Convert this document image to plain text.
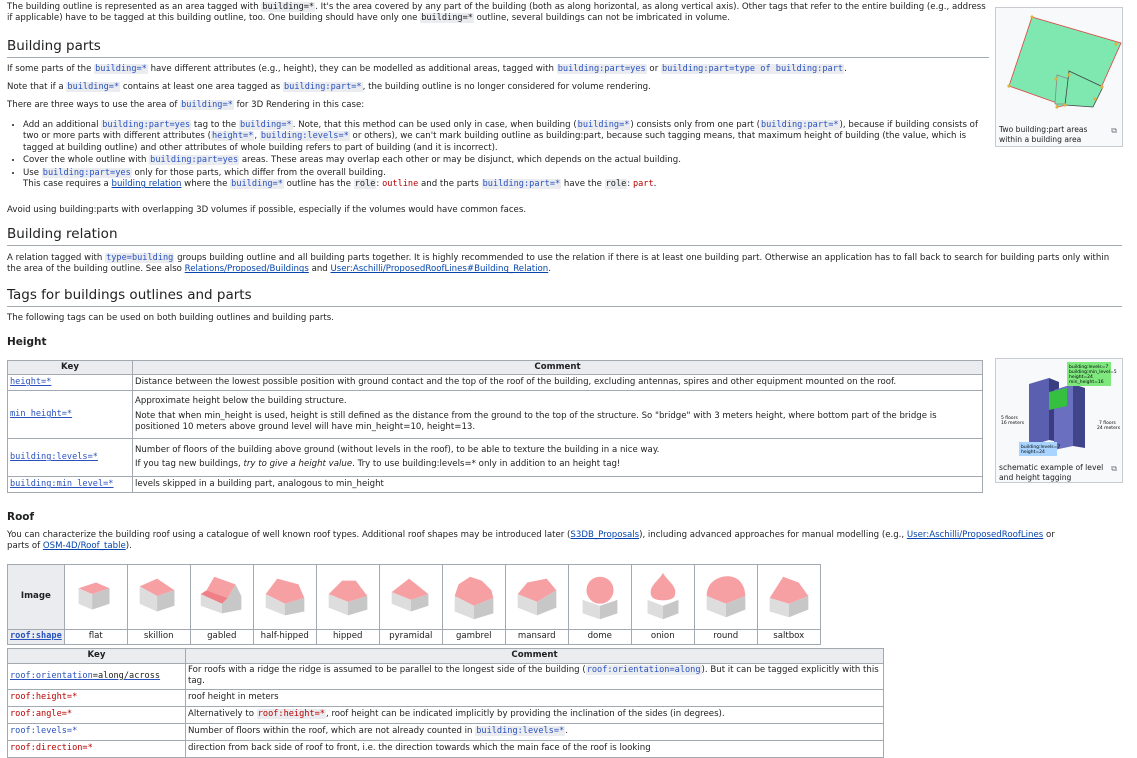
The building outline is represented as an area tagged with building=*. It's the area covered by any part of the building (both as along horizontal, as along vertical axis). Other tags that refer to the entire building (e.g., address if applicable) have to be tagged at this building outline, too. One building should have only one building=* outline, several buildings can not be imbricated in volume.
⧉
Two building:part areas within a building area
Building parts
If some parts of the building=* have different attributes (e.g., height), they can be modelled as additional areas, tagged with building:part=yes or building:part=type of building:part.
Note that if a building=* contains at least one area tagged as building:part=*, the building outline is no longer considered for volume rendering.
There are three ways to use the area of building=* for 3D Rendering in this case:
• Add an additional building:part=yes tag to the building=*. Note, that this method can be used only in case, when building (building=*) consists only from one part (building:part=*), because if building consists of two or more parts with different attributes (height=*, building:levels=* or others), we can't mark building outline as building:part, because such tagging means, that maximum height of building (the value, which is tagged at building outline) and other attributes of whole building refers to part of building (and it is incorrect).
• Cover the whole outline with building:part=yes areas. These areas may overlap each other or may be disjunct, which depends on the actual building.
• Use building:part=yes only for those parts, which differ from the overall building.
This case requires a building relation where the building=* outline has the role: outline and the parts building:part=* have the role: part.
Avoid using building:parts with overlapping 3D volumes if possible, especially if the volumes would have common faces.
Building relation
A relation tagged with type=building groups building outline and all building parts together. It is highly recommended to use the relation if there is at least one building part. Otherwise an application has to fall back to search for building parts only within the area of the building outline. See also Relations/Proposed/Buildings and User:Aschilli/ProposedRoofLines#Building_Relation.
Tags for buildings outlines and parts
The following tags can be used on both building outlines and building parts.
Height
Key	Comment
height=*	Distance between the lowest possible position with ground contact and the top of the roof of the building, excluding antennas, spires and other equipment mounted on the roof.
min_height=*	Approximate height below the building structure.

Note that when min_height is used, height is still defined as the distance from the ground to the top of the structure. So "bridge" with 3 meters height, where bottom part of the bridge is positioned 10 meters above ground level will have min_height=10, height=13.

building:levels=*	Number of floors of the building above ground (without levels in the roof), to be able to texture the building in a nice way.

If you tag new buildings, try to give a height value. Try to use building:levels=* only in addition to an height tag!

building:min_level=*	levels skipped in a building part, analogous to min_height
building:levels=7
building:min_level=5
height=24
min_height=16
5 floors
16 meters	7 floors
24 meters
building:levels=7
height=24
⧉
schematic example of level and height tagging
Roof
You can characterize the building roof using a catalogue of well known roof types. Additional roof shapes may be introduced later (S3DB_Proposals), including advanced approaches for manual modelling (e.g., User:Aschilli/ProposedRoofLines or parts of OSM-4D/Roof_table).
Image	

roof:shape	flat	skillion	gabled	half-hipped	hipped	pyramidal	gambrel	mansard	dome	onion	round	saltbox
Key	Comment
roof:orientation=along/across	For roofs with a ridge the ridge is assumed to be parallel to the longest side of the building (roof:orientation=along). But it can be tagged explicitly with this tag.
roof:height=*	roof height in meters
roof:angle=*	Alternatively to roof:height=*, roof height can be indicated implicitly by providing the inclination of the sides (in degrees).
roof:levels=*	Number of floors within the roof, which are not already counted in building:levels=*.
roof:direction=*	direction from back side of roof to front, i.e. the direction towards which the main face of the roof is looking
